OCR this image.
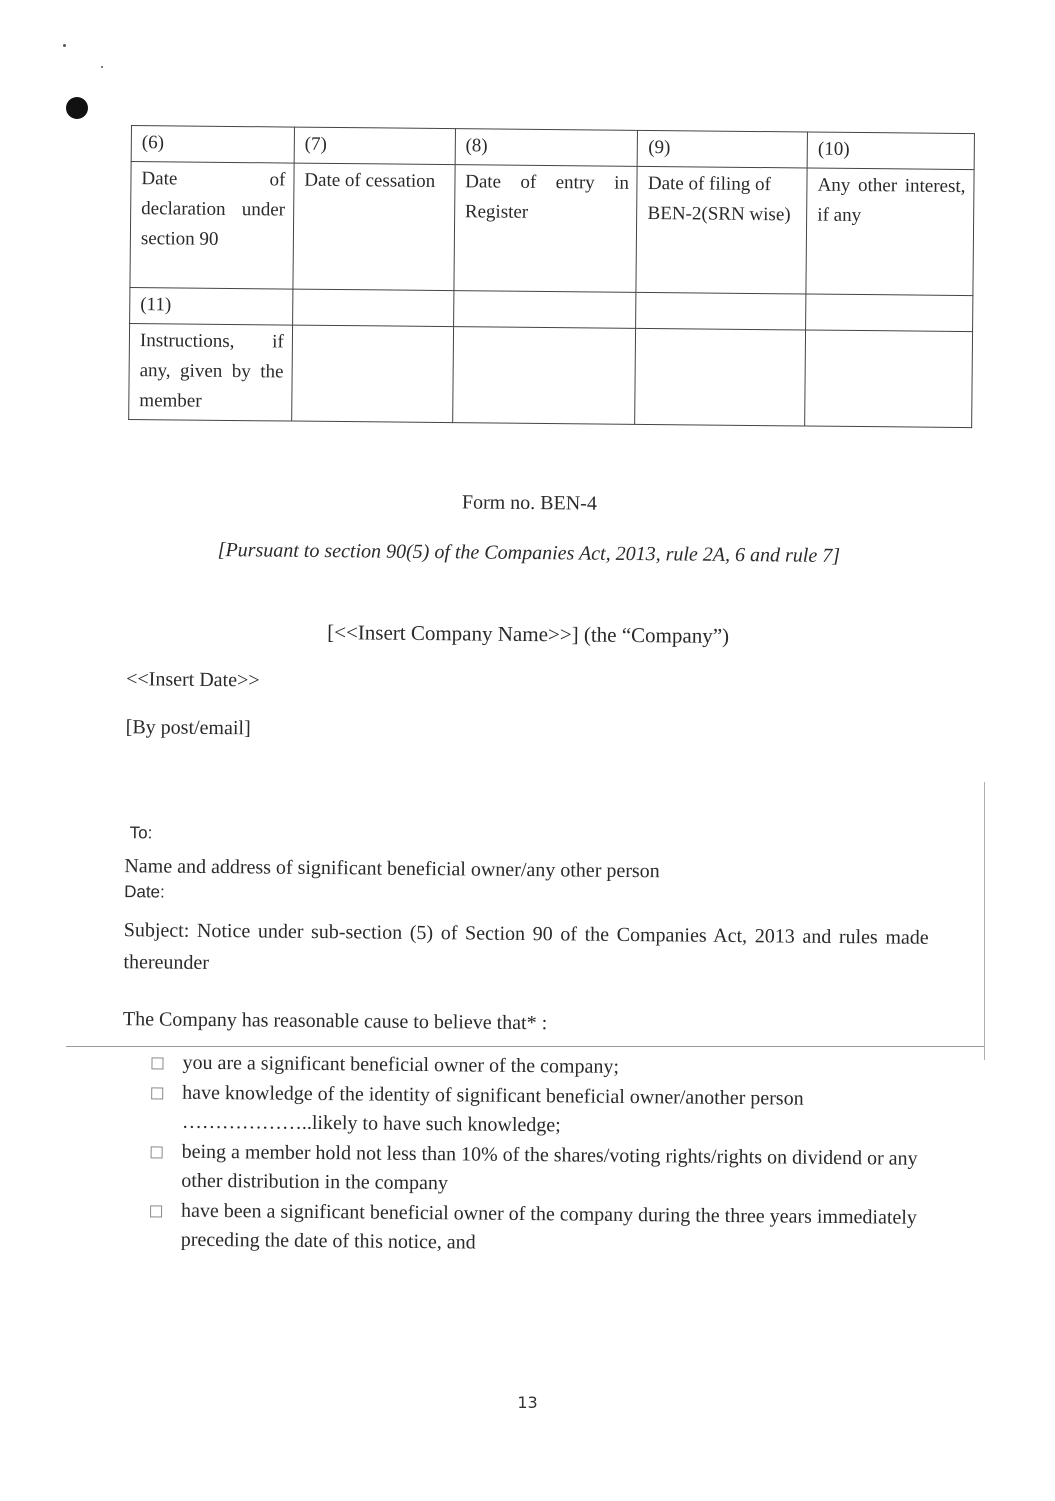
(6)	(7)	(8)	(9)	(10)
Date of declaration under section 90	Date of cessation	Date of entry in Register	Date of filing of BEN-2(SRN wise)	Any other interest, if any
(11)				
Instructions, if any, given by the member				
Form no. BEN-4
[Pursuant to section 90(5) of the Companies Act, 2013, rule 2A, 6 and rule 7]
[<<Insert Company Name>>] (the “Company”)
<<Insert Date>>
[By post/email]
To:
Name and address of significant beneficial owner/any other person
Date:
Subject: Notice under sub-section (5) of Section 90 of the Companies Act, 2013 and rules made thereunder
The Company has reasonable cause to believe that* :
you are a significant beneficial owner of the company;
have knowledge of the identity of significant beneficial owner/another person ………………..likely to have such knowledge;
being a member hold not less than 10% of the shares/voting rights/rights on dividend or any other distribution in the company
have been a significant beneficial owner of the company during the three years immediately preceding the date of this notice, and
13
